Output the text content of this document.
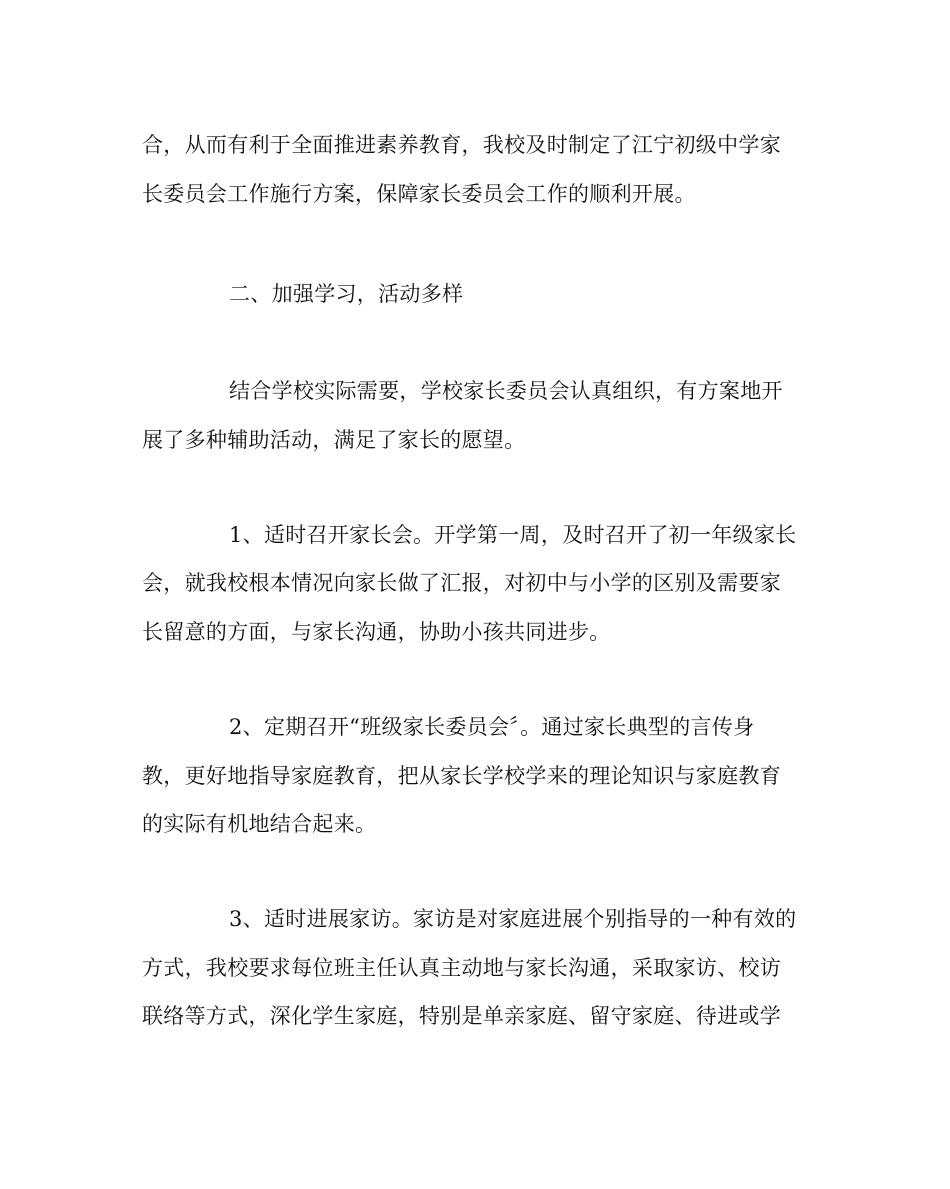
合，从而有利于全面推进素养教育，我校及时制定了江宁初级中学家
长委员会工作施行方案，保障家长委员会工作的顺利开展。
二、加强学习，活动多样
结合学校实际需要，学校家长委员会认真组织，有方案地开
展了多种辅助活动，满足了家长的愿望。
1、适时召开家长会。开学第一周，及时召开了初一年级家长
会，就我校根本情况向家长做了汇报，对初中与小学的区别及需要家
长留意的方面，与家长沟通，协助小孩共同进步。
2、定期召开“班级家长委员会〞。通过家长典型的言传身
教，更好地指导家庭教育，把从家长学校学来的理论知识与家庭教育
的实际有机地结合起来。
3、适时进展家访。家访是对家庭进展个别指导的一种有效的
方式，我校要求每位班主任认真主动地与家长沟通，采取家访、校访
联络等方式，深化学生家庭，特别是单亲家庭、留守家庭、待进或学
